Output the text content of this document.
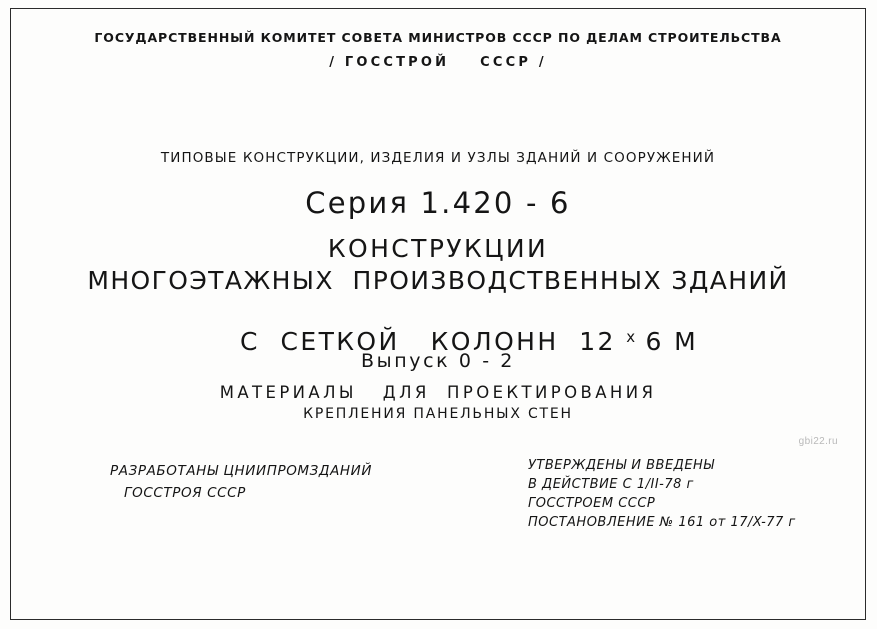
ГОСУДАРСТВЕННЫЙ КОМИТЕТ СОВЕТА МИНИСТРОВ СССР ПО ДЕЛАМ СТРОИТЕЛЬСТВА
/ ГОССТРОЙ    СССР /
ТИПОВЫЕ КОНСТРУКЦИИ, ИЗДЕЛИЯ И УЗЛЫ ЗДАНИЙ И СООРУЖЕНИЙ
Серия 1.420 - 6
КОНСТРУКЦИИ
МНОГОЭТАЖНЫХ  ПРОИЗВОДСТВЕННЫХ ЗДАНИЙ

С  СЕТКОЙ   КОЛОНН  12 $^х$ 6 М

Выпуск 0 - 2
МАТЕРИАЛЫ   ДЛЯ  ПРОЕКТИРОВАНИЯ
КРЕПЛЕНИЯ ПАНЕЛЬНЫХ СТЕН
РАЗРАБОТАНЫ ЦНИИПРОМЗДАНИЙ
ГОССТРОЯ СССР
УТВЕРЖДЕНЫ И ВВЕДЕНЫ
В ДЕЙСТВИЕ С 1/II-78 г
ГОССТРОЕМ СССР
ПОСТАНОВЛЕНИЕ № 161 от 17/X-77 г
gbi22.ru
